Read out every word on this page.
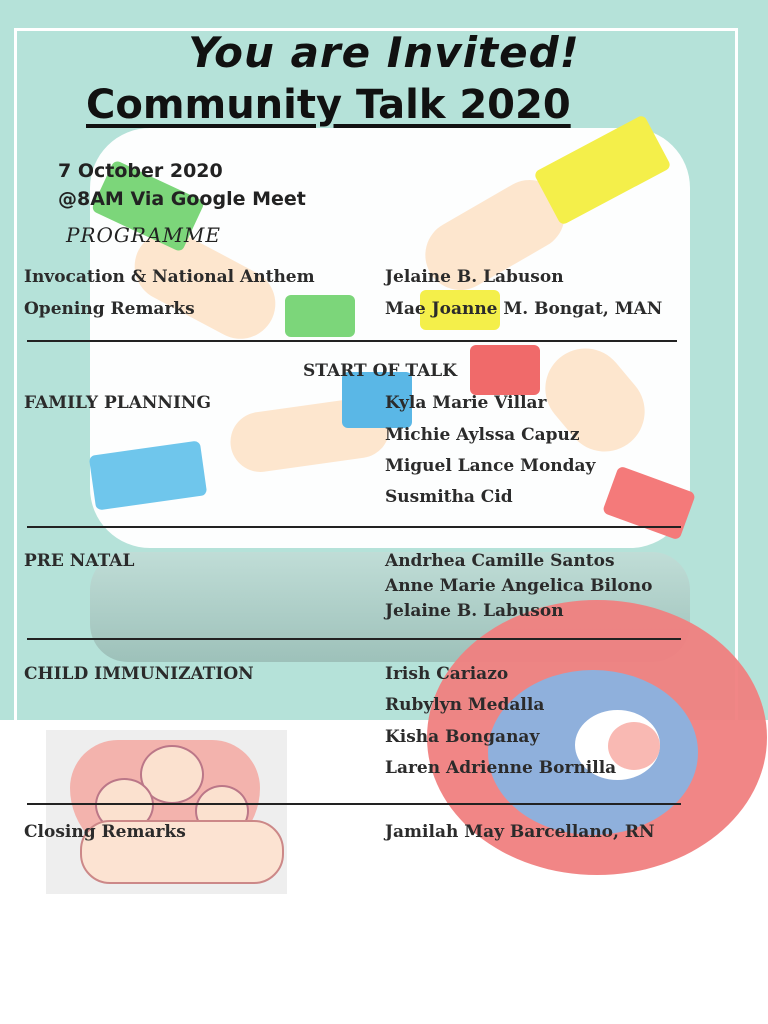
You are Invited!
Community Talk 2020
7 October 2020
@8AM Via Google Meet
PROGRAMME
Invocation & National Anthem	Jelaine B. Labuson
Opening Remarks	Mae Joanne M. Bongat, MAN
START OF TALK
FAMILY PLANNING	Kyla Marie Villar
Michie Aylssa Capuz
Miguel Lance Monday
Susmitha Cid
PRE NATAL	Andrhea Camille Santos
Anne Marie Angelica Bilono
Jelaine B. Labuson
CHILD IMMUNIZATION	Irish Cariazo
Rubylyn Medalla
Kisha Bonganay
Laren Adrienne Bornilla
Closing Remarks	Jamilah May Barcellano, RN
